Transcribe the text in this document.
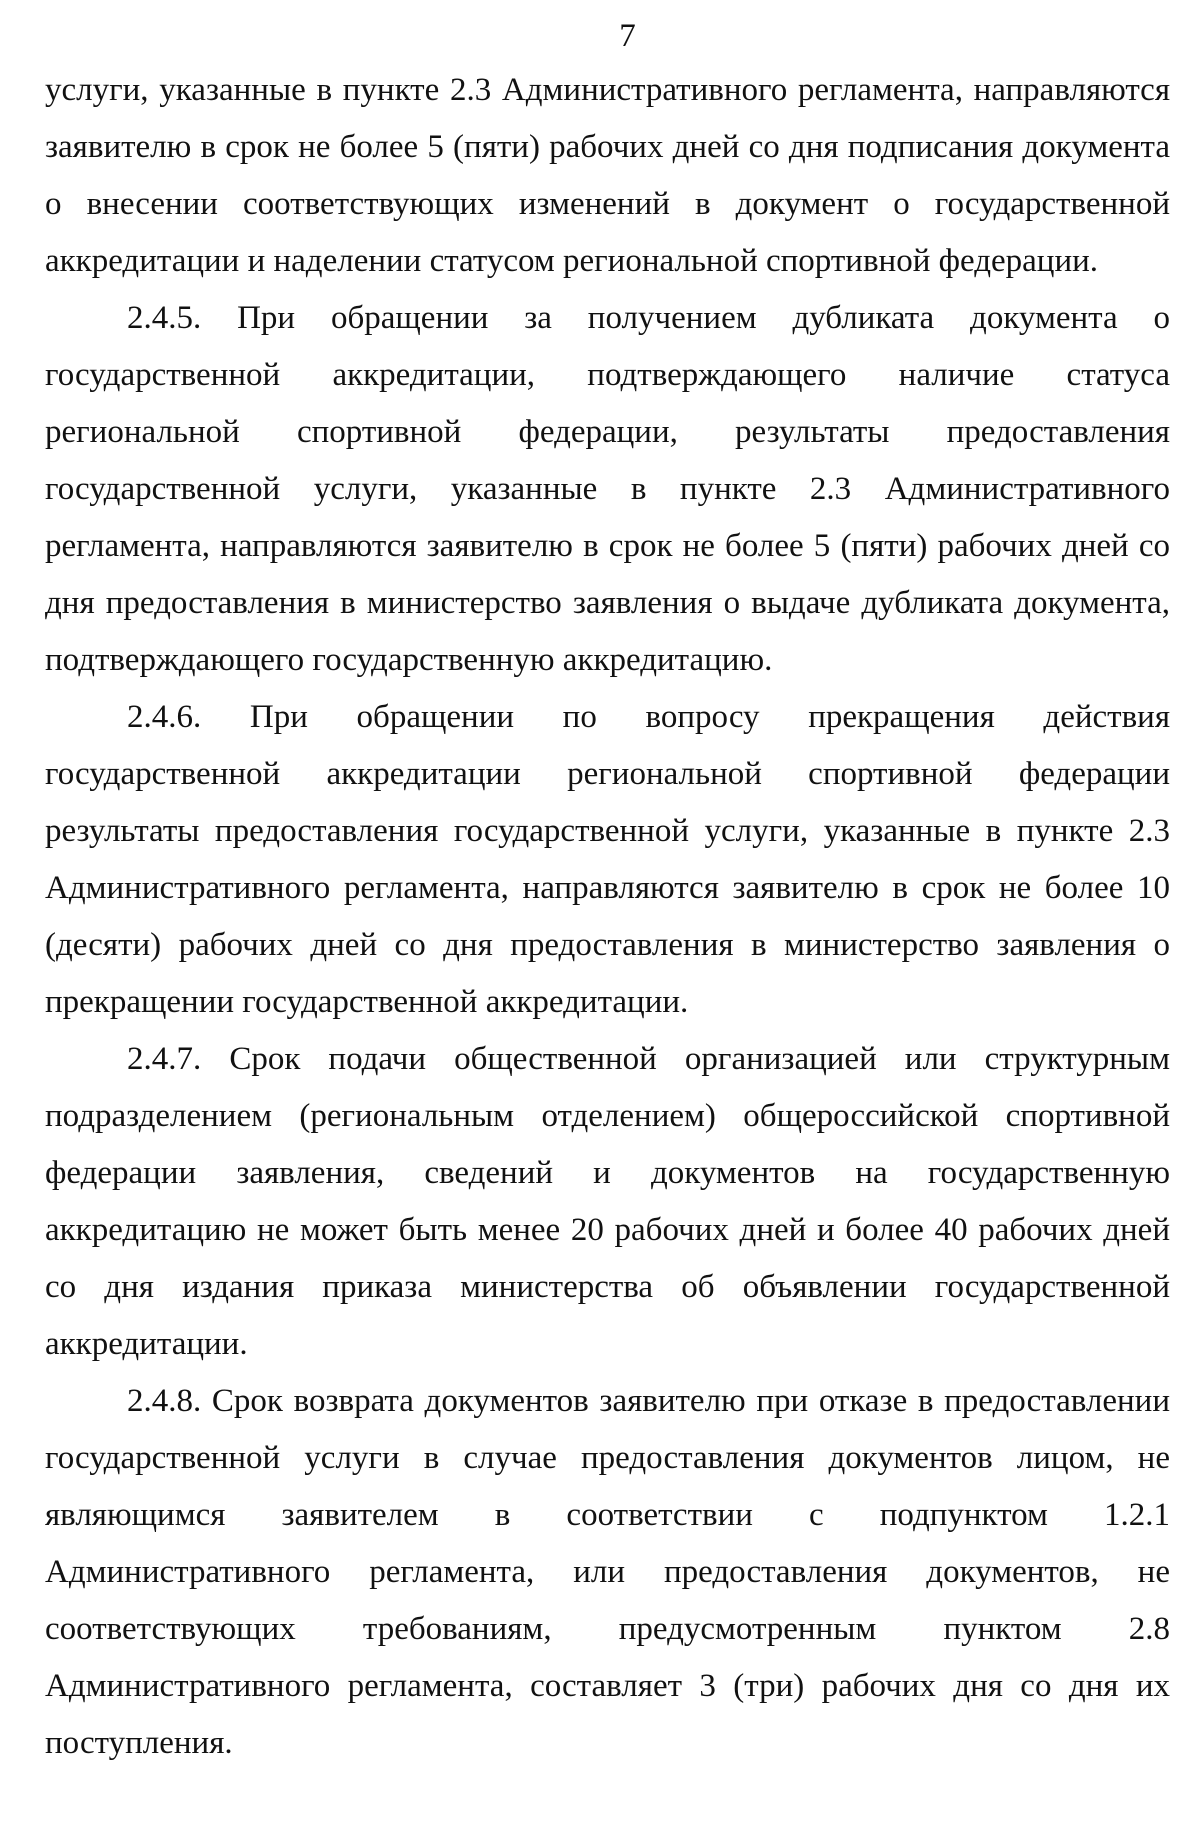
7

услуги, указанные в пункте 2.3 Административного регламента, направляются заявителю в срок не более 5 (пяти) рабочих дней со дня подписания документа о внесении соответствующих изменений в документ о государственной аккредитации и наделении статусом региональной спортивной федерации.

2.4.5. При обращении за получением дубликата документа о государственной аккредитации, подтверждающего наличие статуса региональной спортивной федерации, результаты предоставления государственной услуги, указанные в пункте 2.3 Административного регламента, направляются заявителю в срок не более 5 (пяти) рабочих дней со дня предоставления в министерство заявления о выдаче дубликата документа, подтверждающего государственную аккредитацию.

2.4.6. При обращении по вопросу прекращения действия государственной аккредитации региональной спортивной федерации результаты предоставления государственной услуги, указанные в пункте 2.3 Административного регламента, направляются заявителю в срок не более 10 (десяти) рабочих дней со дня предоставления в министерство заявления о прекращении государственной аккредитации.

2.4.7. Срок подачи общественной организацией или структурным подразделением (региональным отделением) общероссийской спортивной федерации заявления, сведений и документов на государственную аккредитацию не может быть менее 20 рабочих дней и более 40 рабочих дней со дня издания приказа министерства об объявлении государственной аккредитации.

2.4.8. Срок возврата документов заявителю при отказе в предоставлении государственной услуги в случае предоставления документов лицом, не являющимся заявителем в соответствии с подпунктом 1.2.1 Административного регламента, или предоставления документов, не соответствующих требованиям, предусмотренным пунктом 2.8 Административного регламента, составляет 3 (три) рабочих дня со дня их поступления.
